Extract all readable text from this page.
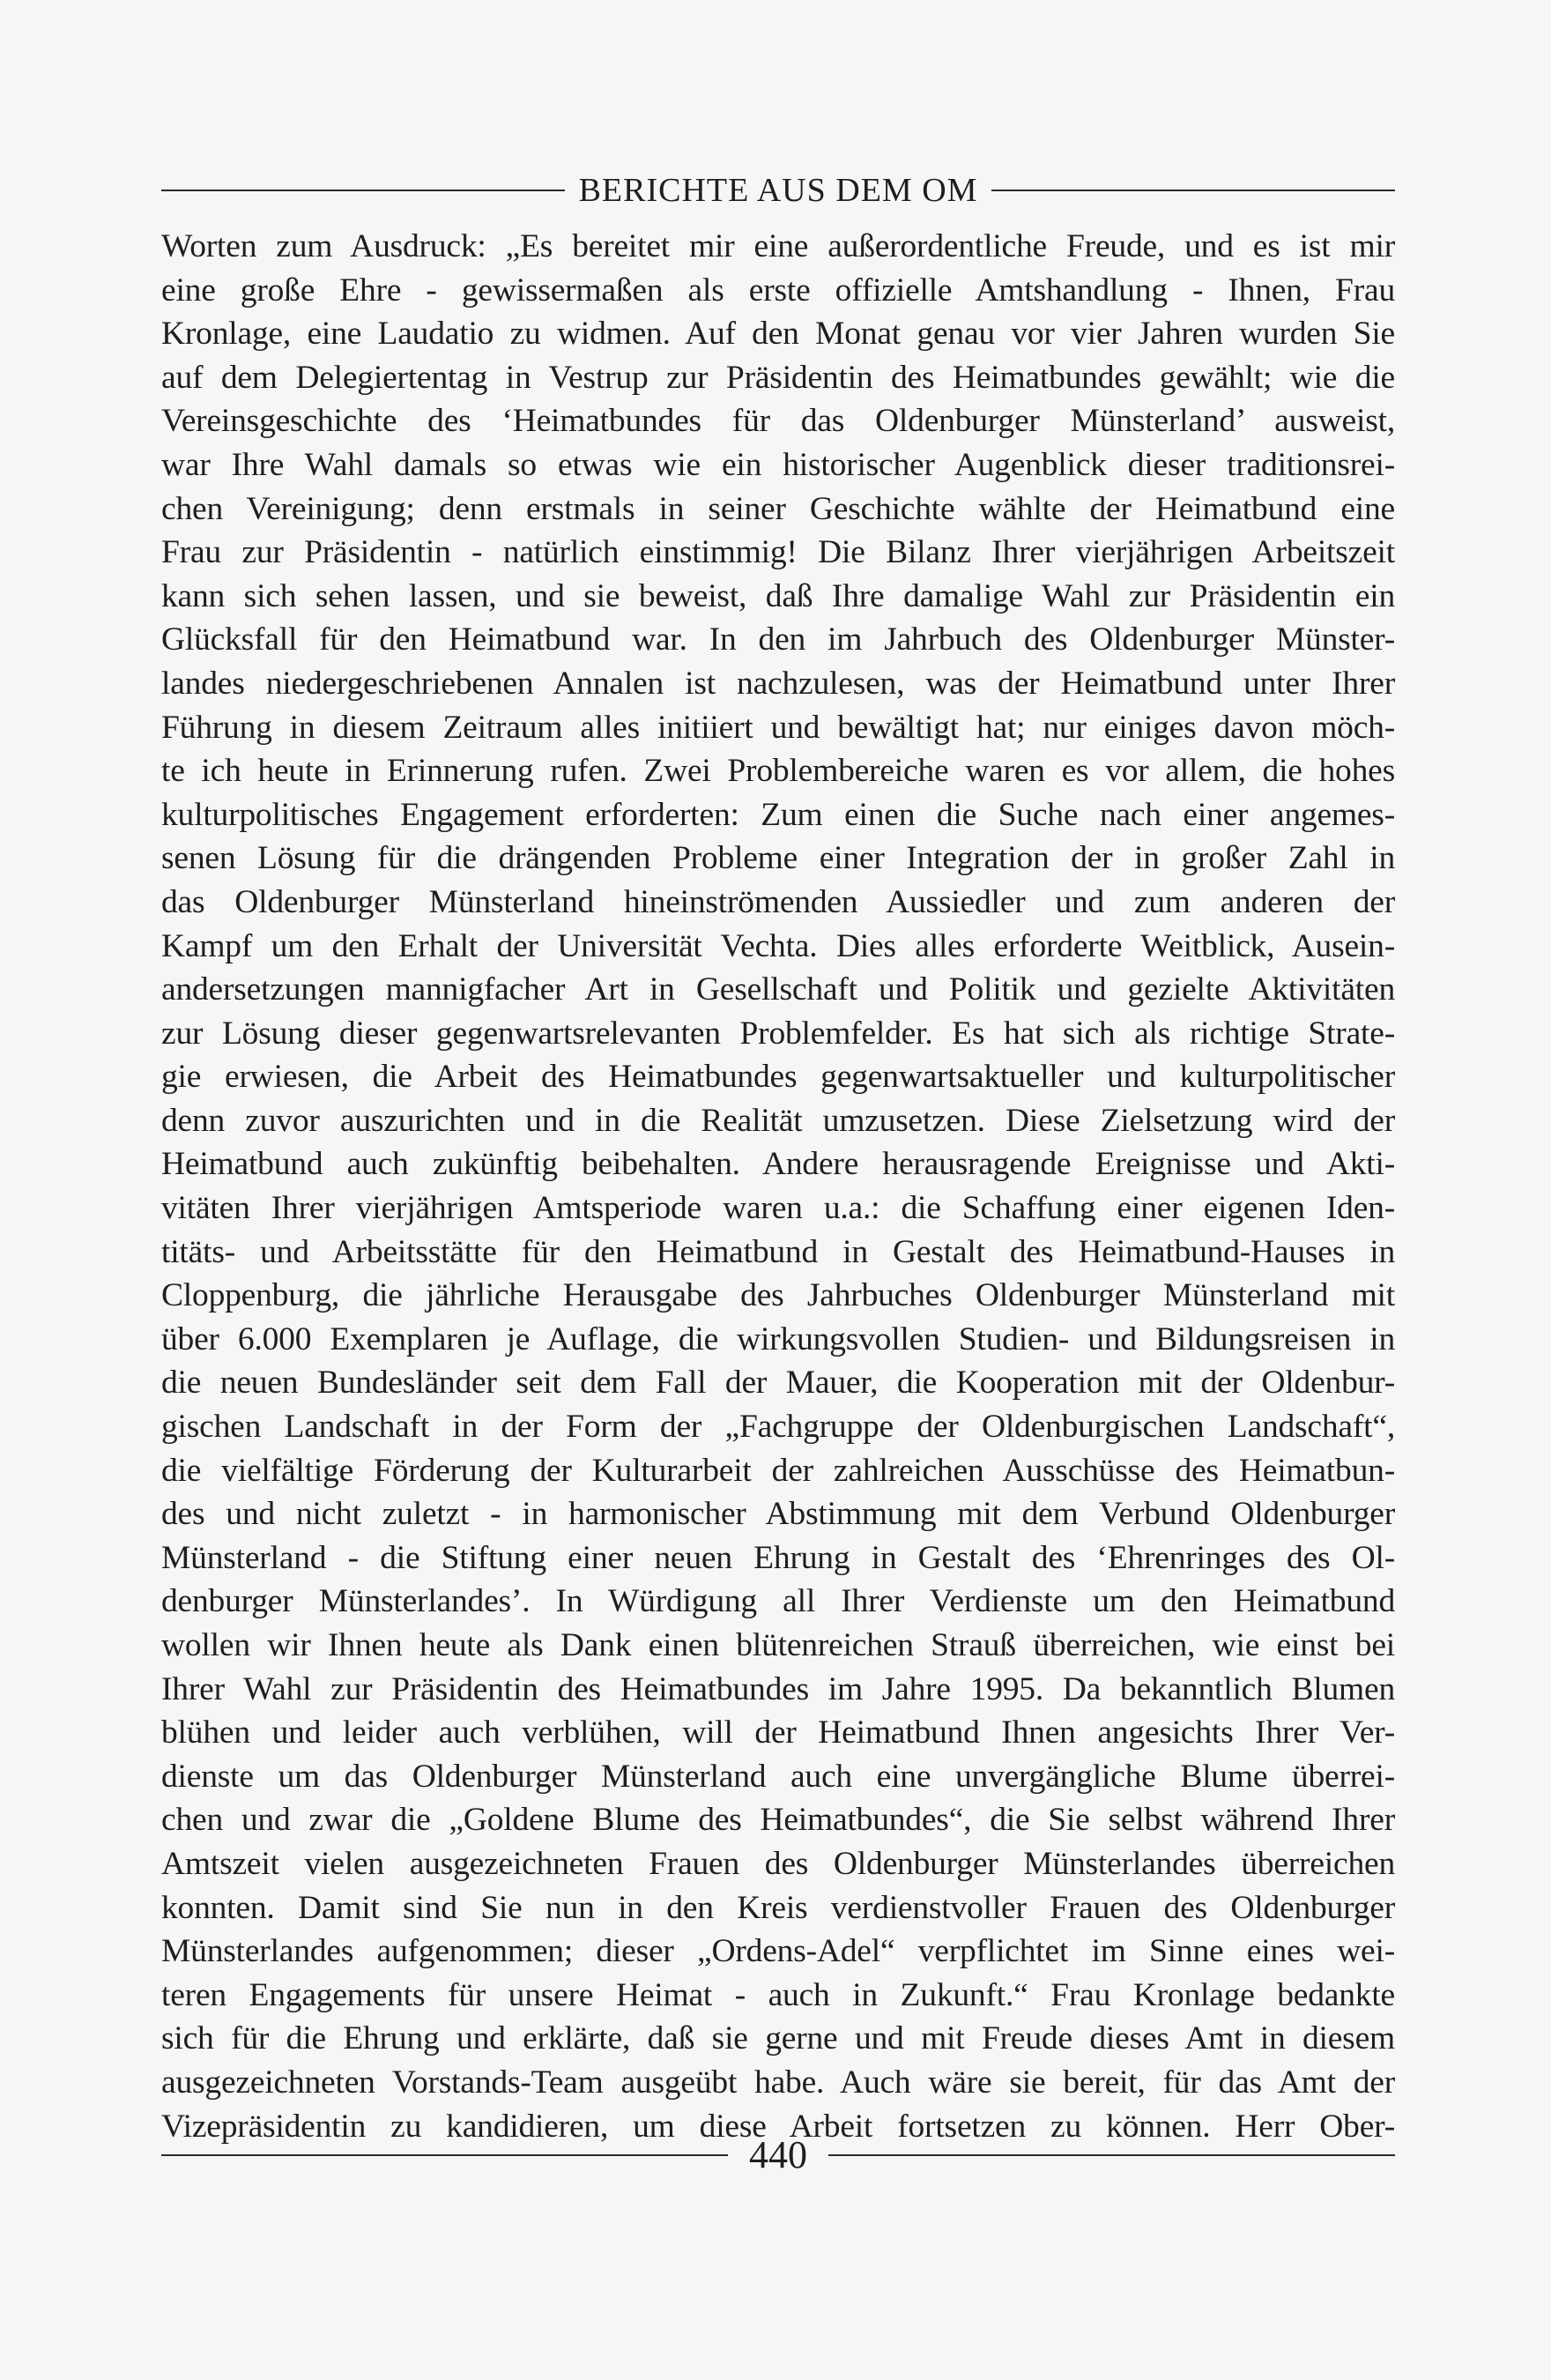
BERICHTE AUS DEM OM
Worten zum Ausdruck: „Es bereitet mir eine außerordentliche Freude, und es ist mir
eine große Ehre - gewissermaßen als erste offizielle Amtshandlung - Ihnen, Frau
Kronlage, eine Laudatio zu widmen. Auf den Monat genau vor vier Jahren wurden Sie
auf dem Delegiertentag in Vestrup zur Präsidentin des Heimatbundes gewählt; wie die
Vereinsgeschichte des ‘Heimatbundes für das Oldenburger Münsterland’ ausweist,
war Ihre Wahl damals so etwas wie ein historischer Augenblick dieser traditionsrei-
chen Vereinigung; denn erstmals in seiner Geschichte wählte der Heimatbund eine
Frau zur Präsidentin - natürlich einstimmig! Die Bilanz Ihrer vierjährigen Arbeitszeit
kann sich sehen lassen, und sie beweist, daß Ihre damalige Wahl zur Präsidentin ein
Glücksfall für den Heimatbund war. In den im Jahrbuch des Oldenburger Münster-
landes niedergeschriebenen Annalen ist nachzulesen, was der Heimatbund unter Ihrer
Führung in diesem Zeitraum alles initiiert und bewältigt hat; nur einiges davon möch-
te ich heute in Erinnerung rufen. Zwei Problembereiche waren es vor allem, die hohes
kulturpolitisches Engagement erforderten: Zum einen die Suche nach einer angemes-
senen Lösung für die drängenden Probleme einer Integration der in großer Zahl in
das Oldenburger Münsterland hineinströmenden Aussiedler und zum anderen der
Kampf um den Erhalt der Universität Vechta. Dies alles erforderte Weitblick, Ausein-
andersetzungen mannigfacher Art in Gesellschaft und Politik und gezielte Aktivitäten
zur Lösung dieser gegenwartsrelevanten Problemfelder. Es hat sich als richtige Strate-
gie erwiesen, die Arbeit des Heimatbundes gegenwartsaktueller und kulturpolitischer
denn zuvor auszurichten und in die Realität umzusetzen. Diese Zielsetzung wird der
Heimatbund auch zukünftig beibehalten. Andere herausragende Ereignisse und Akti-
vitäten Ihrer vierjährigen Amtsperiode waren u.a.: die Schaffung einer eigenen Iden-
titäts- und Arbeitsstätte für den Heimatbund in Gestalt des Heimatbund-Hauses in
Cloppenburg, die jährliche Herausgabe des Jahrbuches Oldenburger Münsterland mit
über 6.000 Exemplaren je Auflage, die wirkungsvollen Studien- und Bildungsreisen in
die neuen Bundesländer seit dem Fall der Mauer, die Kooperation mit der Oldenbur-
gischen Landschaft in der Form der „Fachgruppe der Oldenburgischen Landschaft“,
die vielfältige Förderung der Kulturarbeit der zahlreichen Ausschüsse des Heimatbun-
des und nicht zuletzt - in harmonischer Abstimmung mit dem Verbund Oldenburger
Münsterland - die Stiftung einer neuen Ehrung in Gestalt des ‘Ehrenringes des Ol-
denburger Münsterlandes’. In Würdigung all Ihrer Verdienste um den Heimatbund
wollen wir Ihnen heute als Dank einen blütenreichen Strauß überreichen, wie einst bei
Ihrer Wahl zur Präsidentin des Heimatbundes im Jahre 1995. Da bekanntlich Blumen
blühen und leider auch verblühen, will der Heimatbund Ihnen angesichts Ihrer Ver-
dienste um das Oldenburger Münsterland auch eine unvergängliche Blume überrei-
chen und zwar die „Goldene Blume des Heimatbundes“, die Sie selbst während Ihrer
Amtszeit vielen ausgezeichneten Frauen des Oldenburger Münsterlandes überreichen
konnten. Damit sind Sie nun in den Kreis verdienstvoller Frauen des Oldenburger
Münsterlandes aufgenommen; dieser „Ordens-Adel“ verpflichtet im Sinne eines wei-
teren Engagements für unsere Heimat - auch in Zukunft.“ Frau Kronlage bedankte
sich für die Ehrung und erklärte, daß sie gerne und mit Freude dieses Amt in diesem
ausgezeichneten Vorstands-Team ausgeübt habe. Auch wäre sie bereit, für das Amt der
Vizepräsidentin zu kandidieren, um diese Arbeit fortsetzen zu können. Herr Ober-
440
